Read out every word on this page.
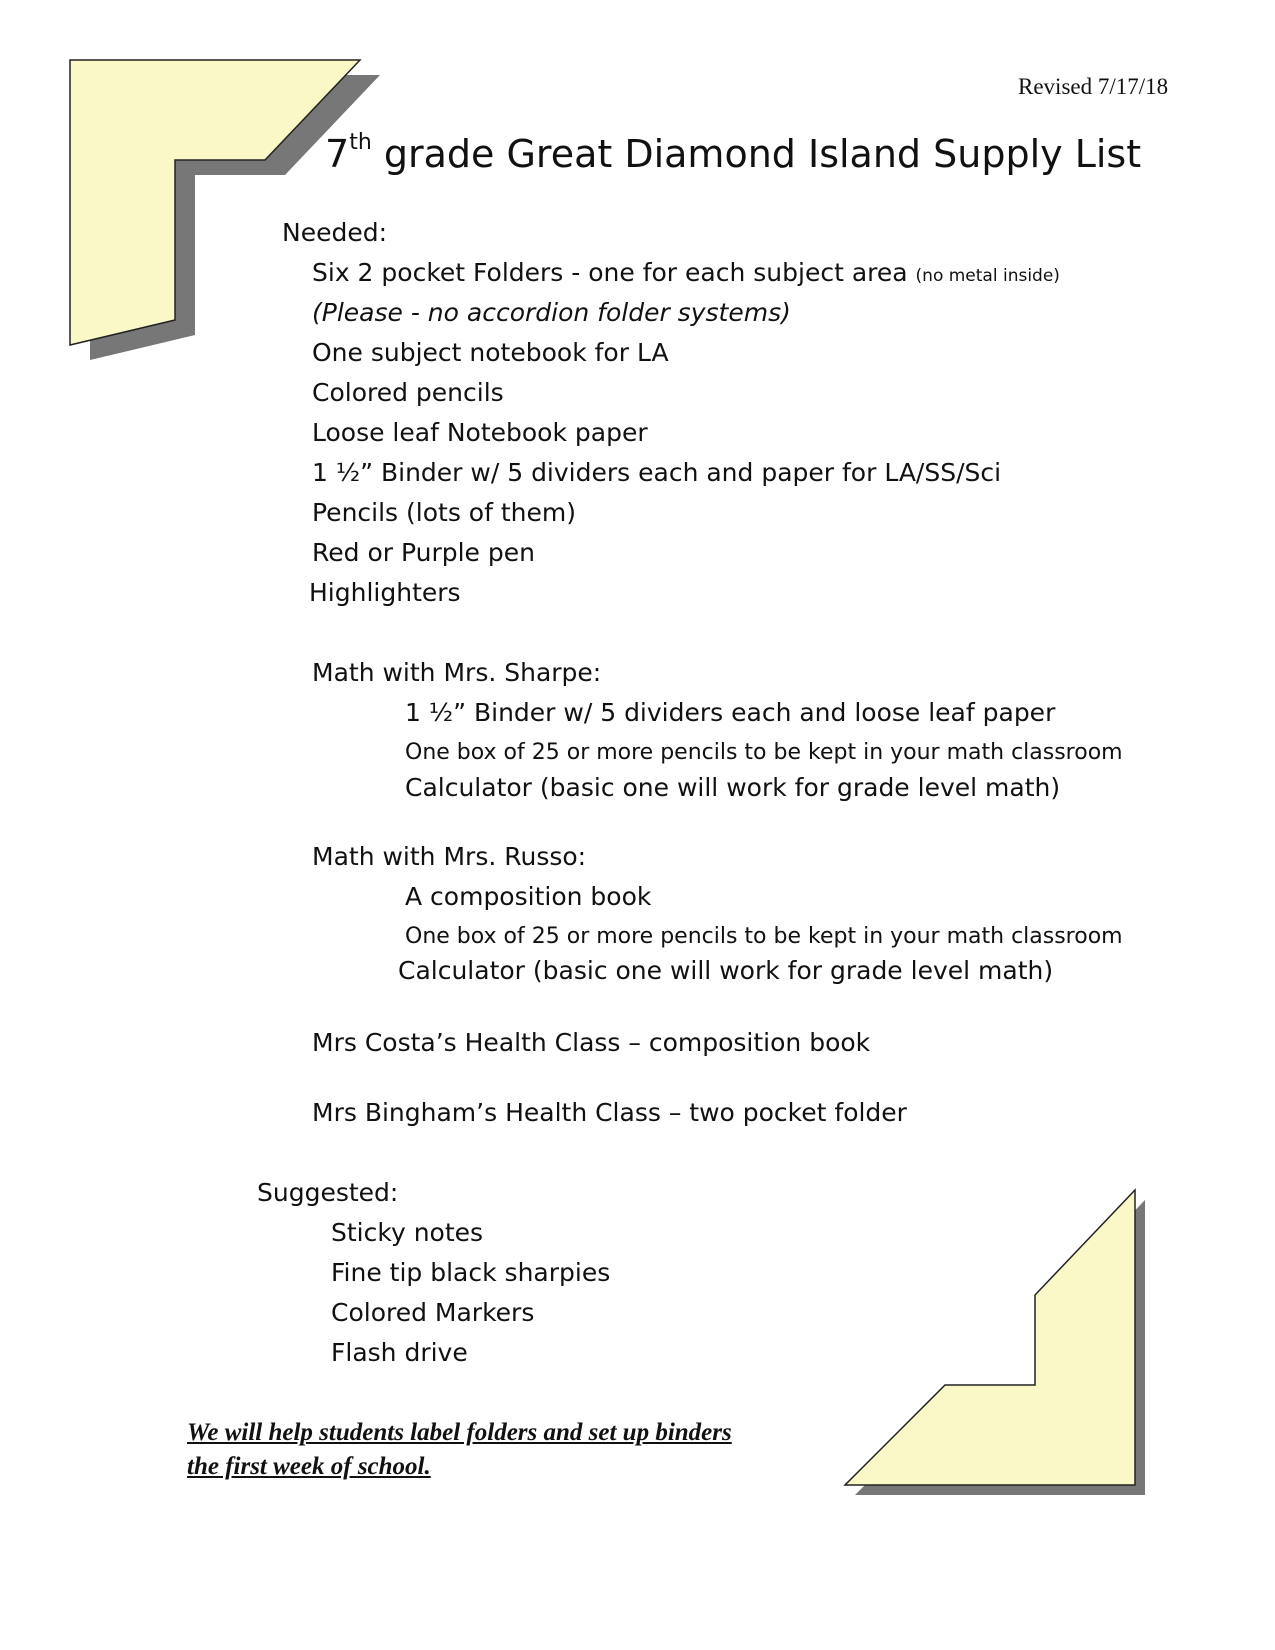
Revised 7/17/18
7th grade Great Diamond Island Supply List
Needed:
Six 2 pocket Folders - one for each subject area (no metal inside)
(Please - no accordion folder systems)
One subject notebook for LA
Colored pencils
Loose leaf Notebook paper
1 ½” Binder w/ 5 dividers each and paper for LA/SS/Sci
Pencils (lots of them)
Red or Purple pen
Highlighters
Math with Mrs. Sharpe:
1 ½” Binder w/ 5 dividers each and loose leaf paper
One box of 25 or more pencils to be kept in your math classroom
Calculator (basic one will work for grade level math)
Math with Mrs. Russo:
A composition book
One box of 25 or more pencils to be kept in your math classroom
Calculator (basic one will work for grade level math)
Mrs Costa’s Health Class – composition book
Mrs Bingham’s Health Class – two pocket folder
Suggested:
Sticky notes
Fine tip black sharpies
Colored Markers
Flash drive
We will help students label folders and set up binders
the first week of school.
